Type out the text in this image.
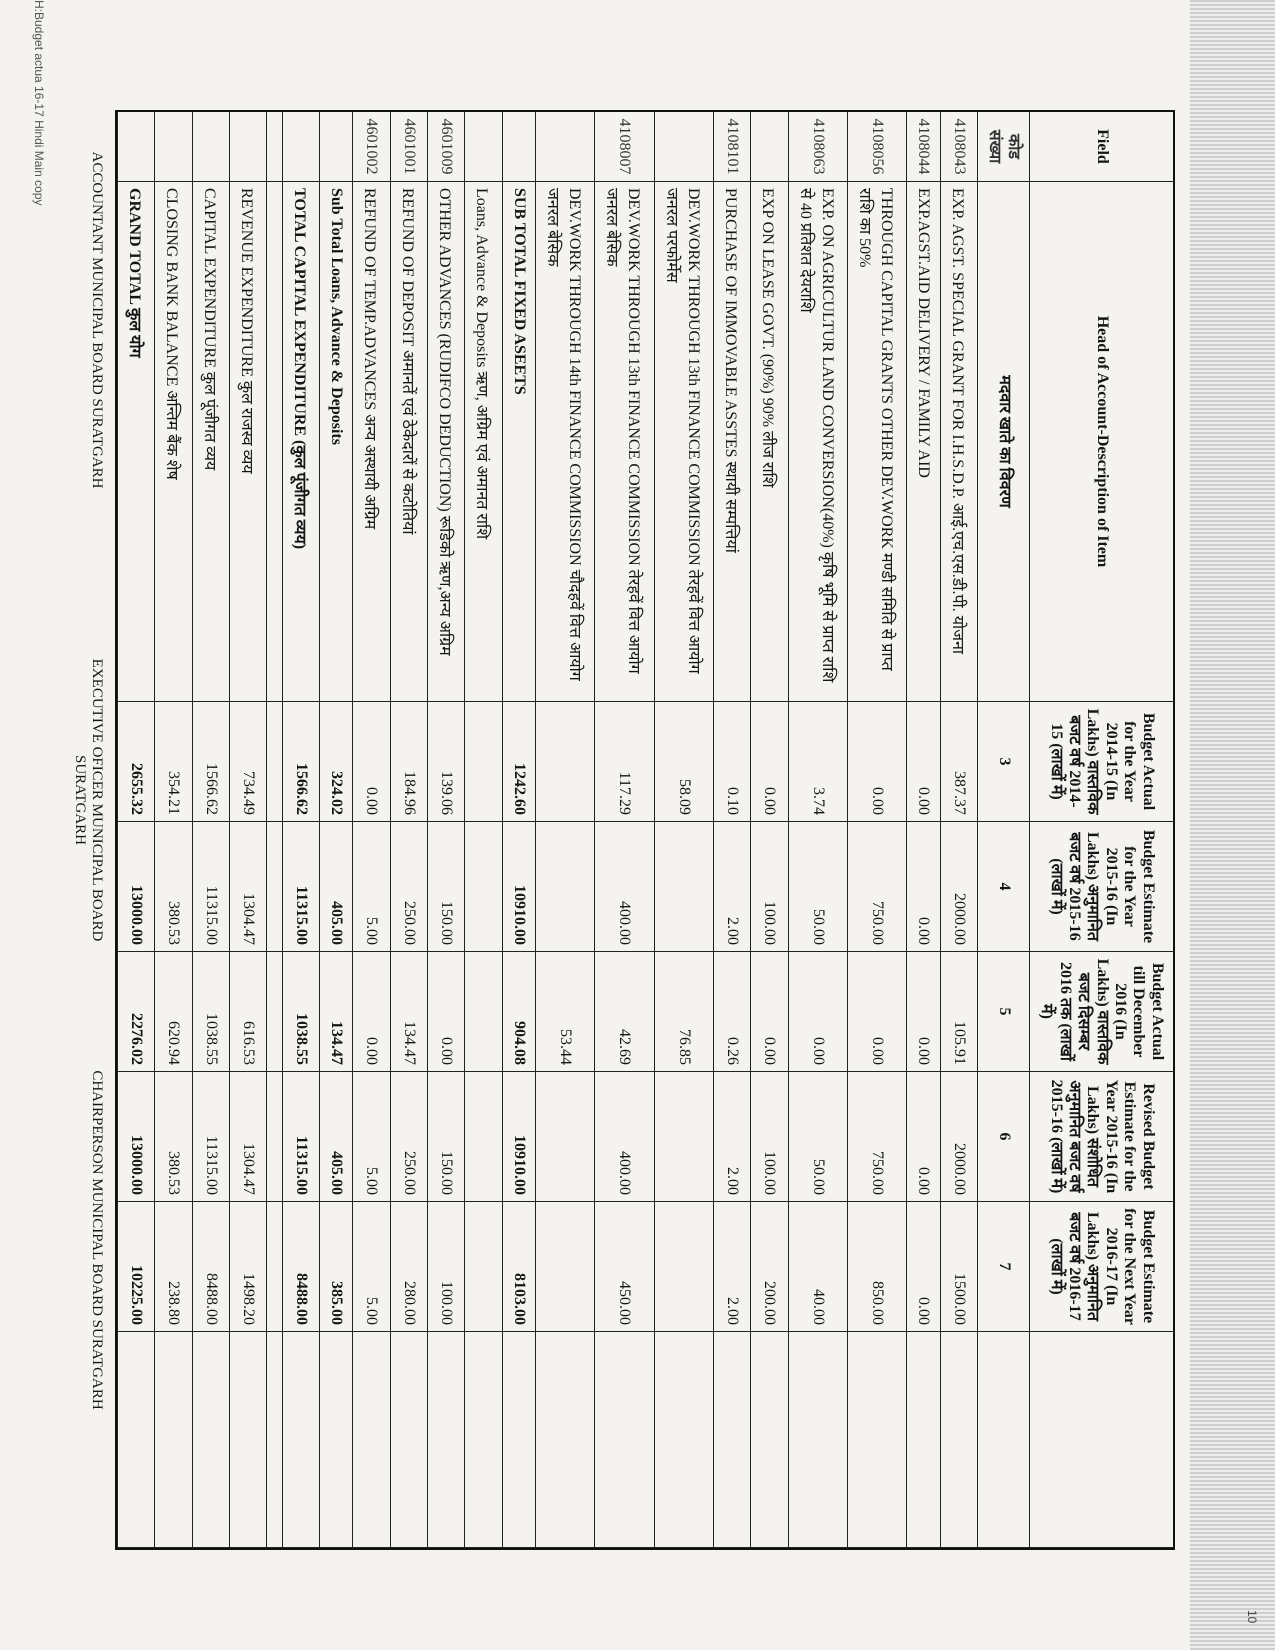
H:Budget actua 16-17 Hindi Main copy
10
Field
Head of Account-Description of Item
Budget Actual for the Year 2014-15 (In Lakhs) वास्तविक बजट वर्ष 2014-15 (लाखों में)
Budget Estimate for the Year 2015-16 (In Lakhs) अनुमानित बजट वर्ष 2015-16 (लाखों में)
Budget Actual till December 2016 (In Lakhs) वास्तविक बजट दिसम्बर 2016 तक (लाखों में)
Revised Budget Estimate for the Year 2015-16 (In Lakhs) संशोधित अनुमानित बजट वर्ष 2015-16 (लाखों में)
Budget Estimate for the Next Year 2016-17 (In Lakhs) अनुमानित बजट वर्ष 2016-17 (लाखों में)
कोड संख्या
मदवार खाते का विवरण
3
4
5
6
7
4108043
EXP. AGST. SPECIAL GRANT FOR I.H.S.D.P. आई.एच.एस.डी.पी. योजना
387.37
2000.00
105.91
2000.00
1500.00
4108044
EXP.AGST.AID DELIVERY / FAMILY AID
0.00
0.00
0.00
0.00
0.00
4108056
THROUGH CAPITAL GRANTS OTHER DEV.WORK मण्डी समिति से प्राप्त राशि का 50%
0.00
750.00
0.00
750.00
850.00
4108063
EXP. ON AGRICULTUR LAND CONVERSION(40%) कृषि भूमि से प्राप्त राशि से 40 प्रतिशत देयराशि
3.74
50.00
0.00
50.00
40.00
EXP ON LEASE GOVT. (90%) 90% लीज राशि
0.00
100.00
0.00
100.00
200.00
4108101
PURCHASE OF IMMOVABLE ASSTES स्थायी सम्पत्तियां
0.10
2.00
0.26
2.00
2.00
DEV.WORK THROUGH 13th FINANCE COMMISSION तेरहवें वित्त आयोग जनरल परफोर्मेस
58.09
76.85
4108007
DEV.WORK THROUGH 13th FINANCE COMMISSION तेरहवें वित्त आयोग जनरल बेसिक
117.29
400.00
42.69
400.00
450.00
DEV.WORK THROUGH 14th FINANCE COMMISSION चौदहवें वित्त आयोग जनरल बेसिक
53.44
SUB TOTAL FIXED ASEETS
1242.60
10910.00
904.08
10910.00
8103.00
Loans, Advance & Deposits ऋण, अग्रिम एवं अमानत राशि
4601009
OTHER ADVANCES (RUDIFCO DEDUCTION) रूडिको ऋण,अन्य अग्रिम
139.06
150.00
0.00
150.00
100.00
4601001
REFUND OF DEPOSIT अमानतें एवं ठेकेदारों से कटोतियां
184.96
250.00
134.47
250.00
280.00
4601002
REFUND OF TEMP.ADVANCES अन्य अस्थायी अग्रिम
0.00
5.00
0.00
5.00
5.00
Sub Total Loans, Advance & Deposits
324.02
405.00
134.47
405.00
385.00
TOTAL CAPITAL EXPENDITURE (कुल पूंजीगत व्यय)
1566.62
11315.00
1038.55
11315.00
8488.00
REVENUE EXPENDITURE कुल राजस्व व्यय
734.49
1304.47
616.53
1304.47
1498.20
CAPITAL EXPENDITURE कुल पूंजीगत व्यय
1566.62
11315.00
1038.55
11315.00
8488.00
CLOSING BANK BALANCE अन्तिम बैंक शेष
354.21
380.53
620.94
380.53
238.80
GRAND TOTAL कुल योग
2655.32
13000.00
2276.02
13000.00
10225.00
ACCOUNTANT MUNICIPAL BOARD SURATGARH
EXECUTIVE OFICER MUNICIPAL BOARD SURATGARH
CHAIRPERSON MUNICIPAL BOARD SURATGARH
